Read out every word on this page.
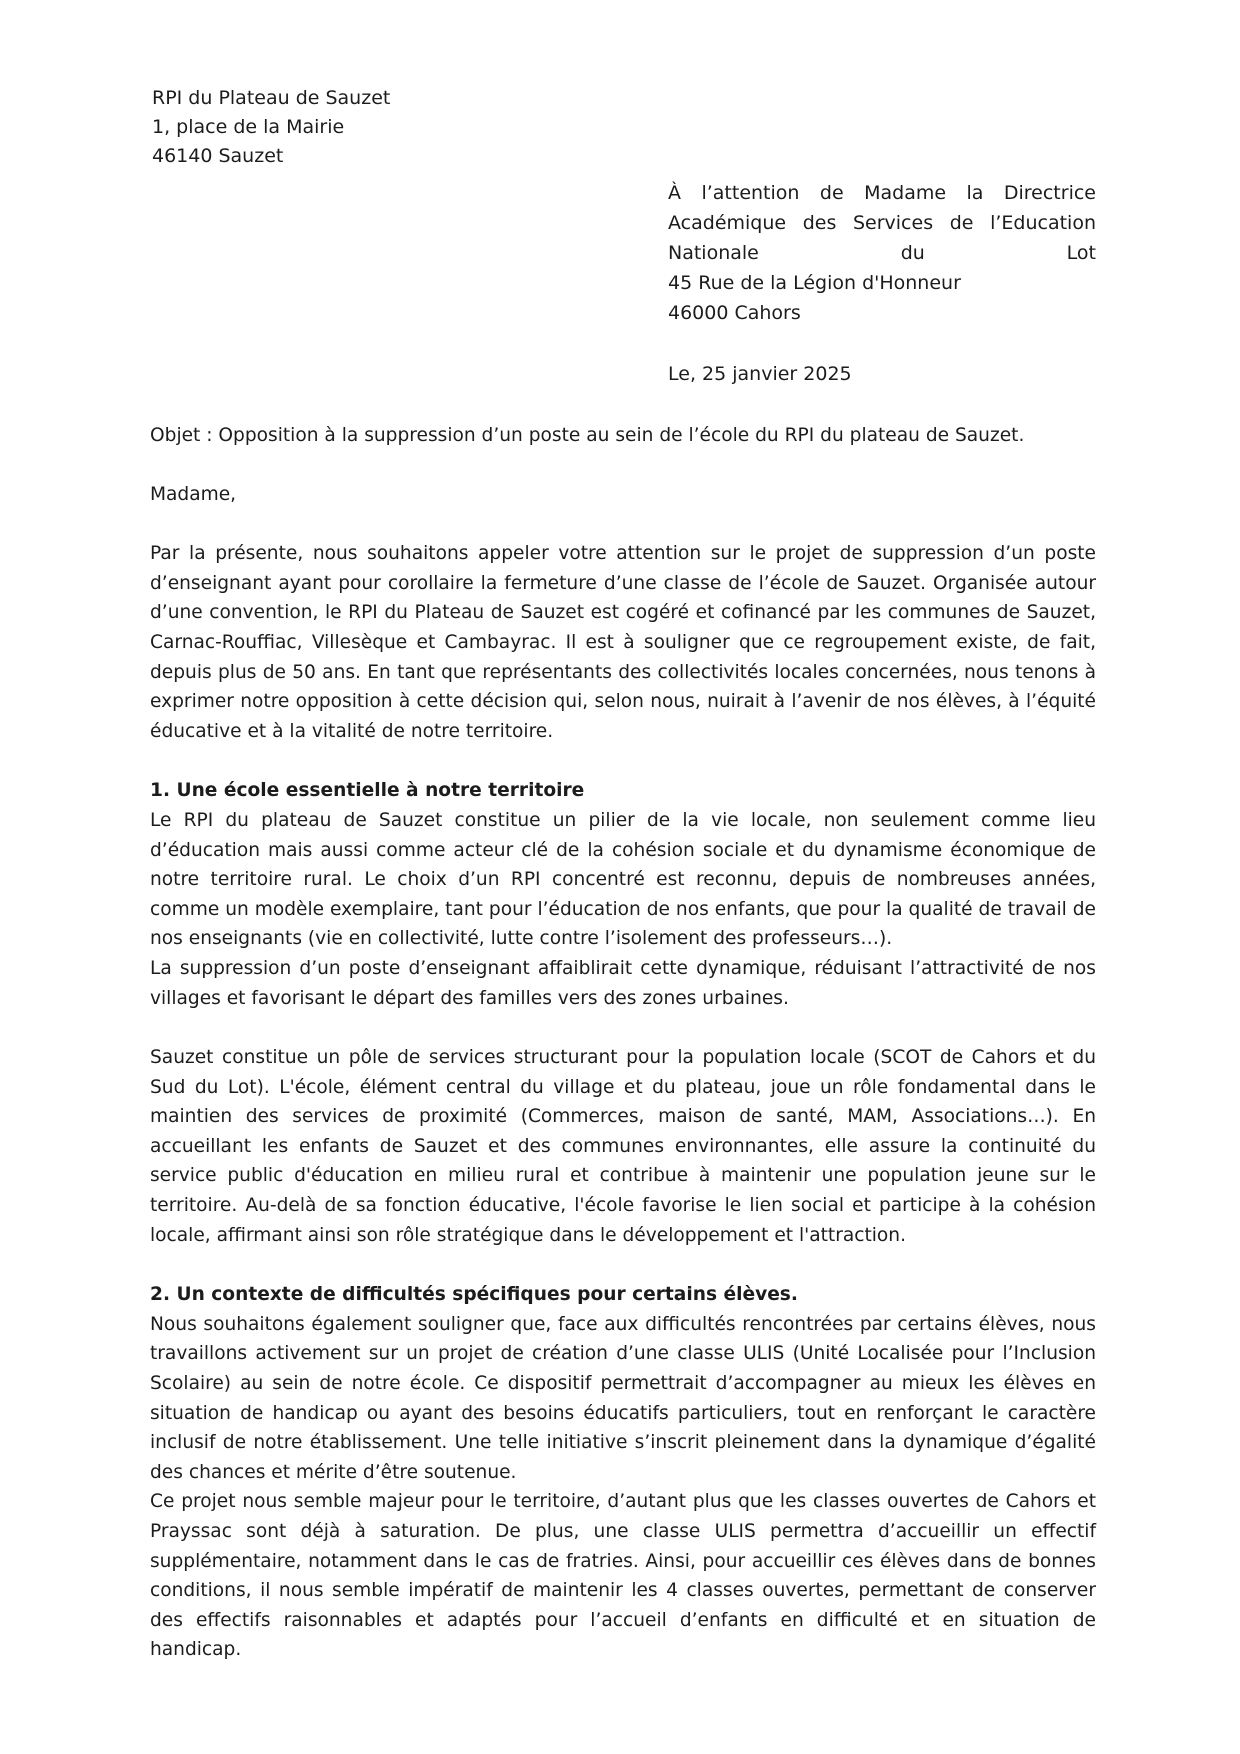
RPI du Plateau de Sauzet
1, place de la Mairie
46140 Sauzet
À l’attention de Madame la Directrice Académique des Services de l’Education Nationale du Lot
45 Rue de la Légion d'Honneur
46000 Cahors
Le, 25 janvier 2025

Objet : Opposition à la suppression d’un poste au sein de l’école du RPI du plateau de Sauzet.

Madame,

Par la présente, nous souhaitons appeler votre attention sur le projet de suppression d’un poste d’enseignant ayant pour corollaire la fermeture d’une classe de l’école de Sauzet. Organisée autour d’une convention, le RPI du Plateau de Sauzet est cogéré et cofinancé par les communes de Sauzet, Carnac-Rouffiac, Villesèque et Cambayrac. Il est à souligner que ce regroupement existe, de fait, depuis plus de 50 ans. En tant que représentants des collectivités locales concernées, nous tenons à exprimer notre opposition à cette décision qui, selon nous, nuirait à l’avenir de nos élèves, à l’équité éducative et à la vitalité de notre territoire.

1. Une école essentielle à notre territoire

Le RPI du plateau de Sauzet constitue un pilier de la vie locale, non seulement comme lieu d’éducation mais aussi comme acteur clé de la cohésion sociale et du dynamisme économique de notre territoire rural. Le choix d’un RPI concentré est reconnu, depuis de nombreuses années, comme un modèle exemplaire, tant pour l’éducation de nos enfants, que pour la qualité de travail de nos enseignants (vie en collectivité, lutte contre l’isolement des professeurs…).

La suppression d’un poste d’enseignant affaiblirait cette dynamique, réduisant l’attractivité de nos villages et favorisant le départ des familles vers des zones urbaines.

Sauzet constitue un pôle de services structurant pour la population locale (SCOT de Cahors et du Sud du Lot). L'école, élément central du village et du plateau, joue un rôle fondamental dans le maintien des services de proximité (Commerces, maison de santé, MAM, Associations…). En accueillant les enfants de Sauzet et des communes environnantes, elle assure la continuité du service public d'éducation en milieu rural et contribue à maintenir une population jeune sur le territoire. Au-delà de sa fonction éducative, l'école favorise le lien social et participe à la cohésion locale, affirmant ainsi son rôle stratégique dans le développement et l'attraction.

2. Un contexte de difficultés spécifiques pour certains élèves.

Nous souhaitons également souligner que, face aux difficultés rencontrées par certains élèves, nous travaillons activement sur un projet de création d’une classe ULIS (Unité Localisée pour l’Inclusion Scolaire) au sein de notre école. Ce dispositif permettrait d’accompagner au mieux les élèves en situation de handicap ou ayant des besoins éducatifs particuliers, tout en renforçant le caractère inclusif de notre établissement. Une telle initiative s’inscrit pleinement dans la dynamique d’égalité des chances et mérite d’être soutenue.

Ce projet nous semble majeur pour le territoire, d’autant plus que les classes ouvertes de Cahors et Prayssac sont déjà à saturation. De plus, une classe ULIS permettra d’accueillir un effectif supplémentaire, notamment dans le cas de fratries. Ainsi, pour accueillir ces élèves dans de bonnes conditions, il nous semble impératif de maintenir les 4 classes ouvertes, permettant de conserver des effectifs raisonnables et adaptés pour l’accueil d’enfants en difficulté et en situation de handicap.
